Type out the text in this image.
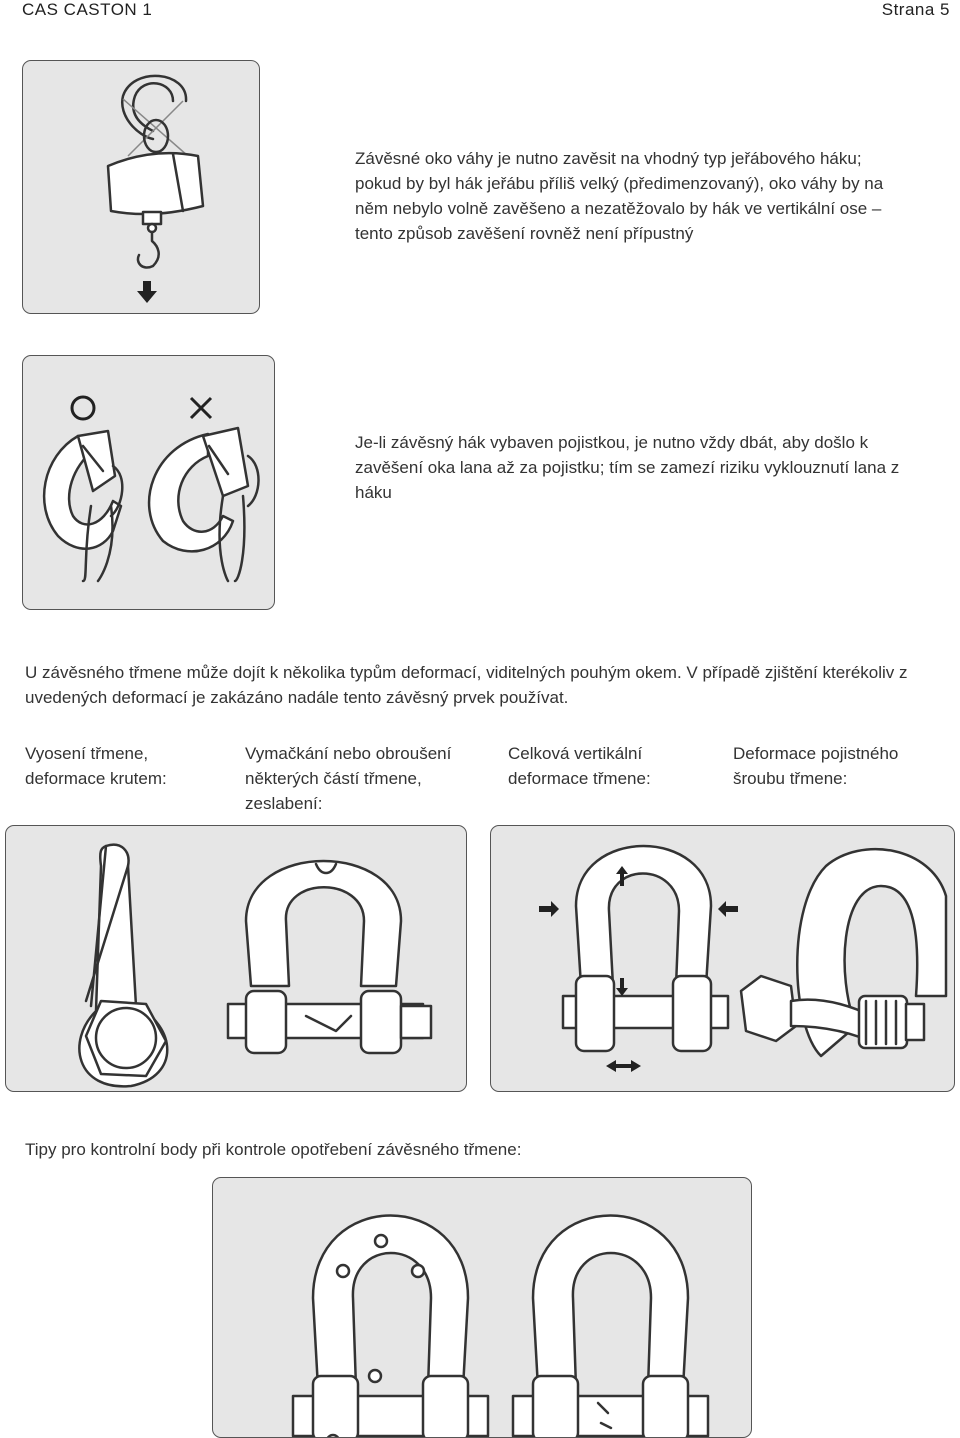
CAS CASTON 1	Strana 5
Závěsné oko váhy je nutno zavěsit na vhodný typ jeřábového háku; pokud by byl hák jeřábu příliš velký (předimenzovaný), oko váhy by na něm nebylo volně zavěšeno a nezatěžovalo by hák ve vertikální ose – tento způsob zavěšení rovněž není přípustný
Je-li závěsný hák vybaven pojistkou, je nutno vždy dbát, aby došlo k zavěšení oka lana až za pojistku; tím se zamezí riziku vyklouznutí lana z háku
U závěsného třmene může dojít k několika typům deformací, viditelných pouhým okem. V případě zjištění kterékoliv z uvedených deformací je zakázáno nadále tento závěsný prvek používat.
Vyosení třmene, deformace krutem:
Vymačkání nebo obroušení některých částí třmene, zeslabení:
Celková vertikální deformace třmene:
Deformace pojistného šroubu třmene:
Tipy pro kontrolní body při kontrole opotřebení závěsného třmene:
